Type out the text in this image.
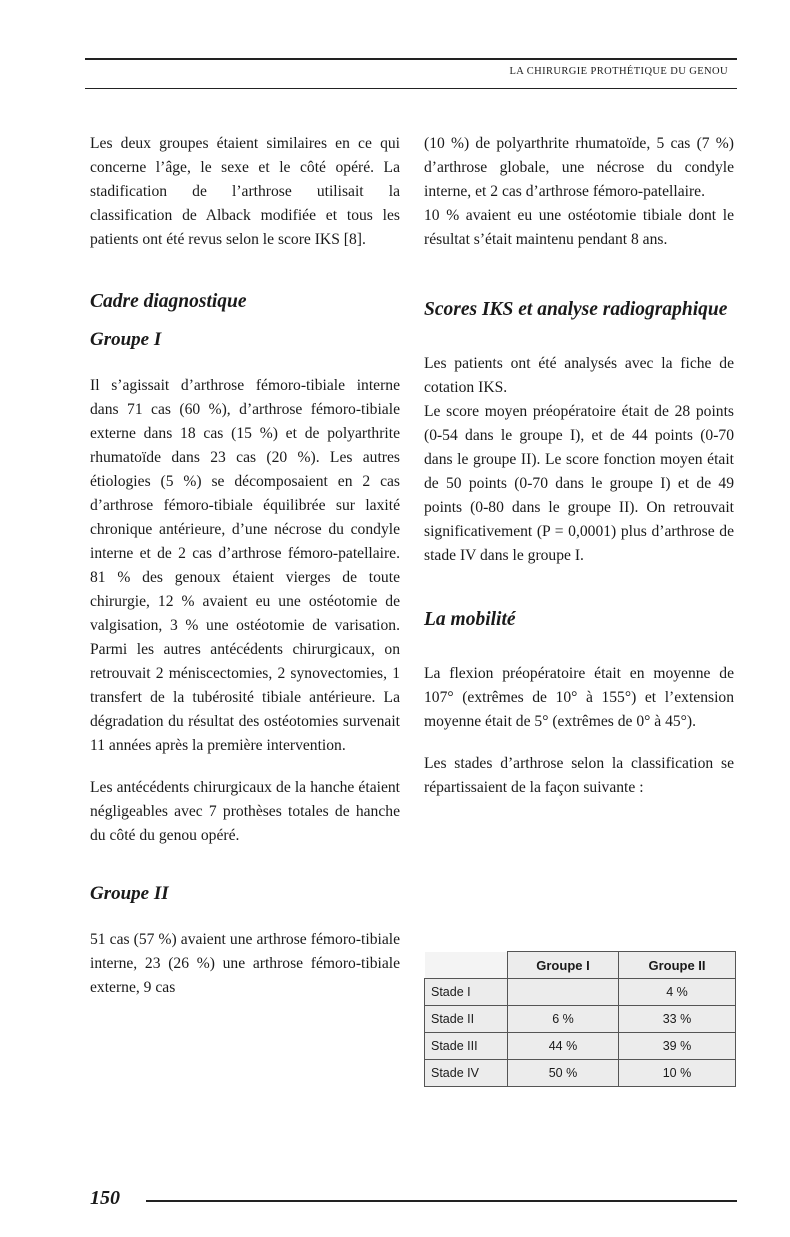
LA CHIRURGIE PROTHÉTIQUE DU GENOU

Les deux groupes étaient similaires en ce qui concerne l’âge, le sexe et le côté opéré. La stadification de l’arthrose utilisait la classification de Alback modifiée et tous les patients ont été revus selon le score IKS [8].

Cadre diagnostique
Groupe I

Il s’agissait d’arthrose fémoro-tibiale interne dans 71 cas (60 %), d’arthrose fémoro-tibiale externe dans 18 cas (15 %) et de polyarthrite rhumatoïde dans 23 cas (20 %). Les autres étiologies (5 %) se décomposaient en 2 cas d’arthrose fémoro-tibiale équilibrée sur laxité chronique antérieure, d’une nécrose du condyle interne et de 2 cas d’arthrose fémoro-patellaire. 81 % des genoux étaient vierges de toute chirurgie, 12 % avaient eu une ostéotomie de valgisation, 3 % une ostéotomie de varisation. Parmi les autres antécédents chirurgicaux, on retrouvait 2 méniscectomies, 2 synovectomies, 1 transfert de la tubérosité tibiale antérieure. La dégradation du résultat des ostéotomies survenait 11 années après la première intervention.

Les antécédents chirurgicaux de la hanche étaient négligeables avec 7 prothèses totales de hanche du côté du genou opéré.

Groupe II

51 cas (57 %) avaient une arthrose fémoro-tibiale interne, 23 (26 %) une arthrose fémoro-tibiale externe, 9 cas

(10 %) de polyarthrite rhumatoïde, 5 cas (7 %) d’arthrose globale, une nécrose du condyle interne, et 2 cas d’arthrose fémoro-patellaire.

10 % avaient eu une ostéotomie tibiale dont le résultat s’était maintenu pendant 8 ans.

Scores IKS et analyse radiographique

Les patients ont été analysés avec la fiche de cotation IKS.

Le score moyen préopératoire était de 28 points (0-54 dans le groupe I), et de 44 points (0-70 dans le groupe II). Le score fonction moyen était de 50 points (0-70 dans le groupe I) et de 49 points (0-80 dans le groupe II). On retrouvait significativement (P = 0,0001) plus d’arthrose de stade IV dans le groupe I.

La mobilité

La flexion préopératoire était en moyenne de 107° (extrêmes de 10° à 155°) et l’extension moyenne était de 5° (extrêmes de 0° à 45°).

Les stades d’arthrose selon la classification se répartissaient de la façon suivante :

	Groupe I	Groupe II
Stade I		4 %
Stade II	6 %	33 %
Stade III	44 %	39 %
Stade IV	50 %	10 %
150
